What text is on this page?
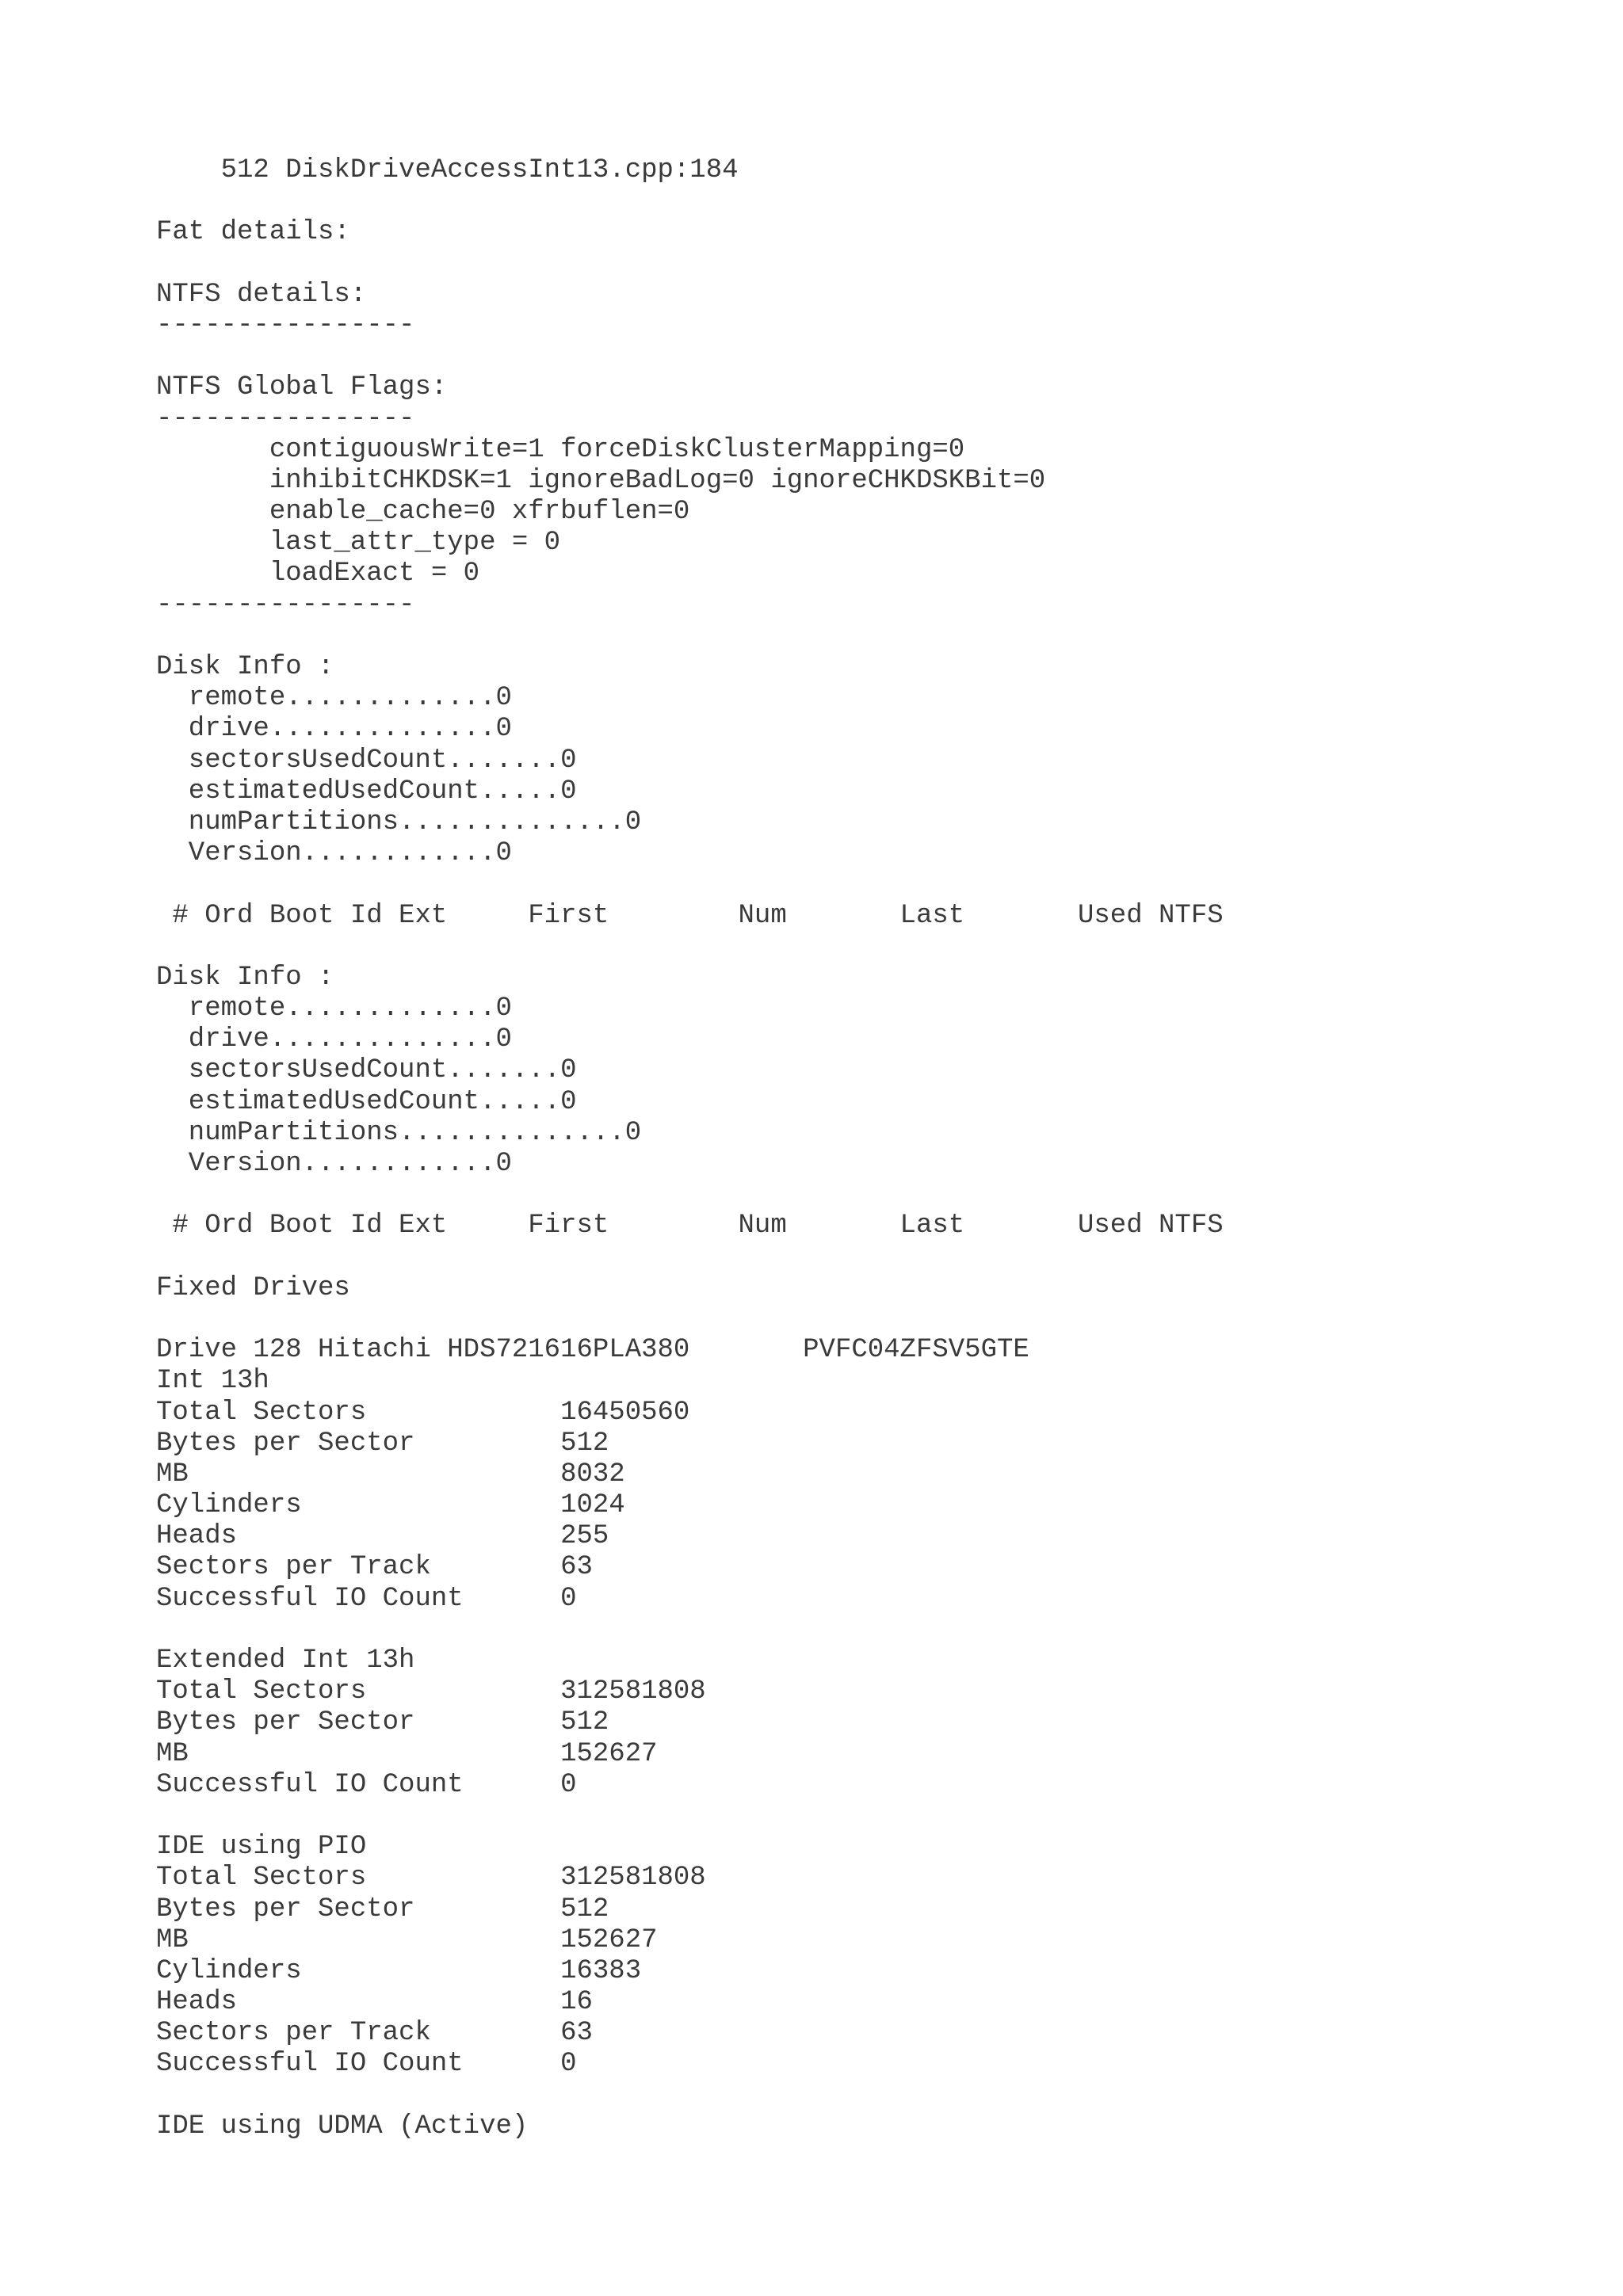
512 DiskDriveAccessInt13.cpp:184
Fat details:
NTFS details:
----------------
NTFS Global Flags:
----------------
contiguousWrite=1 forceDiskClusterMapping=0
inhibitCHKDSK=1 ignoreBadLog=0 ignoreCHKDSKBit=0
enable_cache=0 xfrbuflen=0
last_attr_type = 0
loadExact = 0
----------------
Disk Info :
remote.............0
drive..............0
sectorsUsedCount.......0
estimatedUsedCount.....0
numPartitions..............0
Version............0
# Ord Boot Id Ext     First        Num       Last       Used NTFS
Disk Info :
remote.............0
drive..............0
sectorsUsedCount.......0
estimatedUsedCount.....0
numPartitions..............0
Version............0
# Ord Boot Id Ext     First        Num       Last       Used NTFS
Fixed Drives
Drive 128 Hitachi HDS721616PLA380       PVFC04ZFSV5GTE
Int 13h
Total Sectors            16450560
Bytes per Sector         512
MB                       8032
Cylinders                1024
Heads                    255
Sectors per Track        63
Successful IO Count      0
Extended Int 13h
Total Sectors            312581808
Bytes per Sector         512
MB                       152627
Successful IO Count      0
IDE using PIO
Total Sectors            312581808
Bytes per Sector         512
MB                       152627
Cylinders                16383
Heads                    16
Sectors per Track        63
Successful IO Count      0
IDE using UDMA (Active)
